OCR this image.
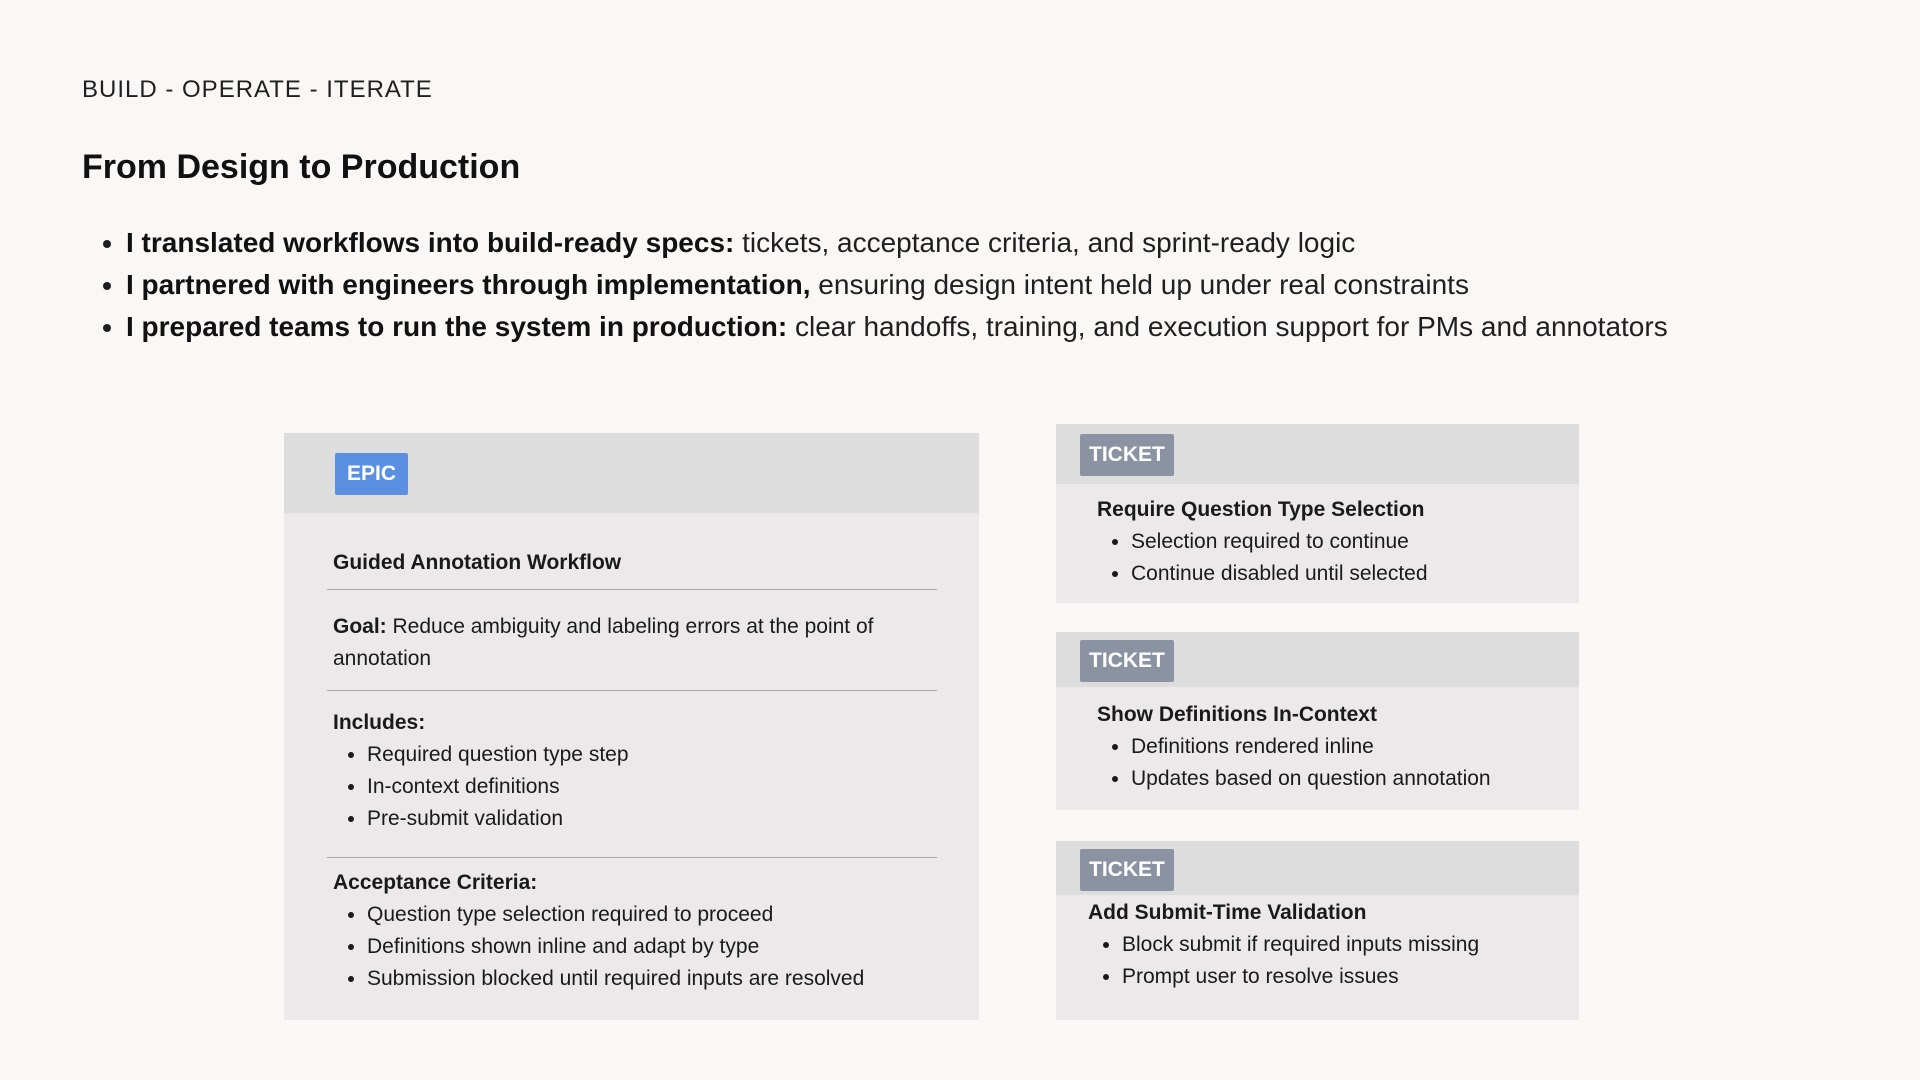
BUILD - OPERATE - ITERATE
From Design to Production
• I translated workflows into build-ready specs: tickets, acceptance criteria, and sprint-ready logic
• I partnered with engineers through implementation, ensuring design intent held up under real constraints
• I prepared teams to run the system in production: clear handoffs, training, and execution support for PMs and annotators
EPIC
Guided Annotation Workflow
Goal: Reduce ambiguity and labeling errors at the point of annotation
Includes:
• Required question type step
• In-context definitions
• Pre-submit validation
Acceptance Criteria:
• Question type selection required to proceed
• Definitions shown inline and adapt by type
• Submission blocked until required inputs are resolved
TICKET
Require Question Type Selection
• Selection required to continue
• Continue disabled until selected
TICKET
Show Definitions In-Context
• Definitions rendered inline
• Updates based on question annotation
TICKET
Add Submit-Time Validation
• Block submit if required inputs missing
• Prompt user to resolve issues
